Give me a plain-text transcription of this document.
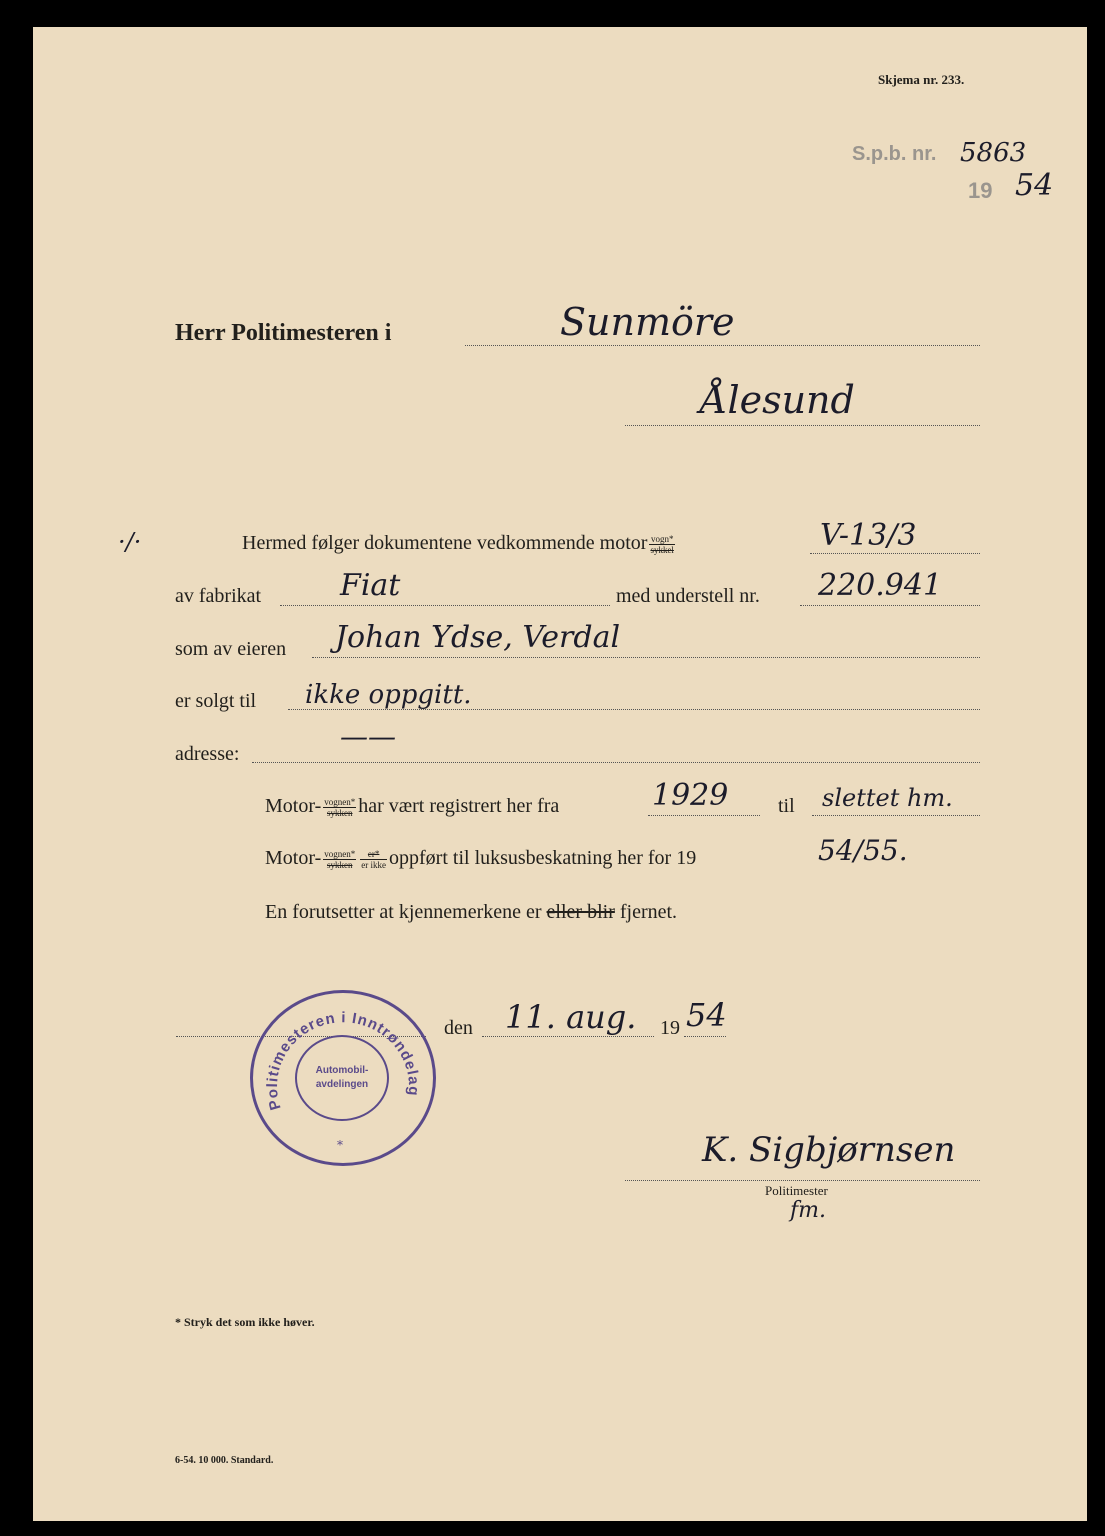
Skjema nr. 233.
S.p.b. nr. 5863
19 54
Herr Politimesteren i	Sunmöre
Ålesund
·/·	Hermed følger dokumentene vedkommende motor $\frac{\text{vogn*}}{\text{sykkel}}$	V-13/3
av fabrikat	Fiat	med understell nr. 220.941
som av eieren Johan Ydse, Verdal
er solgt til ikke oppgitt.
adresse:
——
Motor- $\frac{\text{vognen*}}{\text{sykken}}$ har vært registrert her fra	1929 til slettet hm.
Motor- $\frac{\text{vognen*}}{\text{sykken}} \frac{er*}{\text{er ikke}}$ oppført til luksusbeskatning her for 19	54/55.
En forutsetter at kjennemerkene er eller blir fjernet.
den 11. aug. 19 54
Politimesteren i Inntrøndelag
Automobil-
avdelingen
*	K. Sigbjørnsen
Politimester
fm.
* Stryk det som ikke høver.
6-54. 10 000. Standard.
